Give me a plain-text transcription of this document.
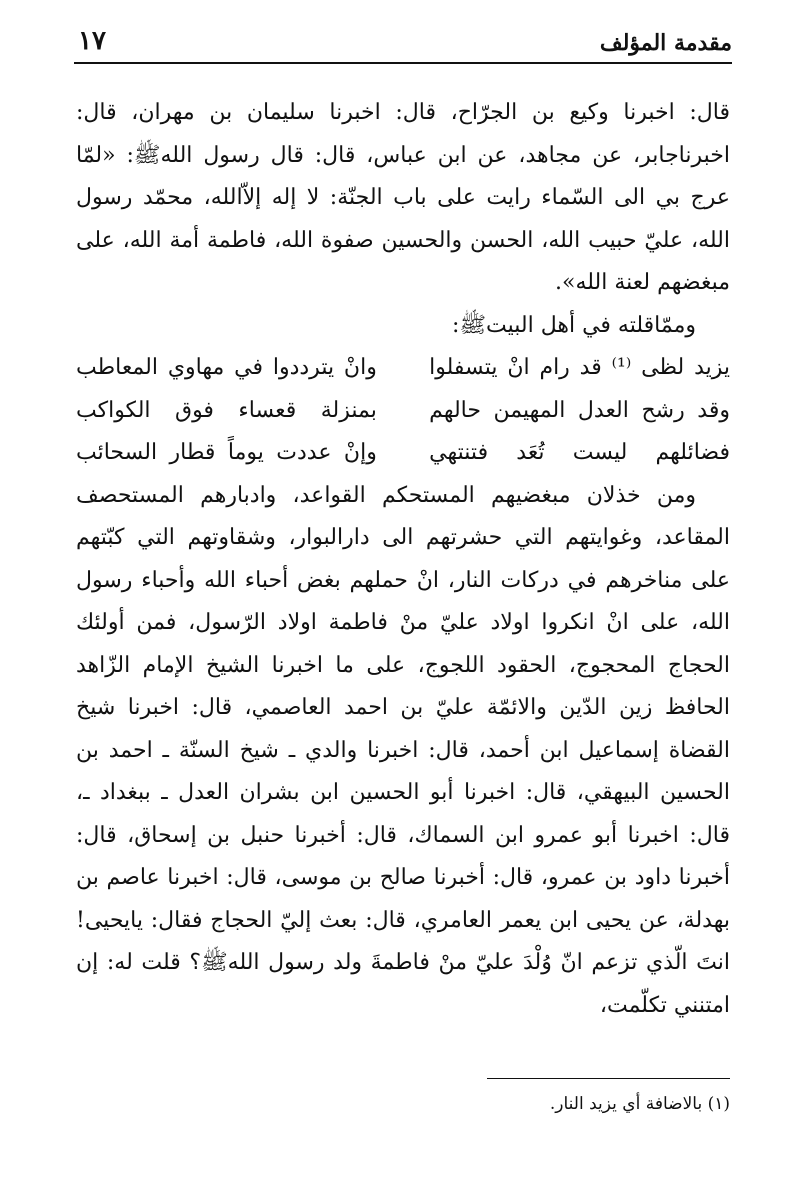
مقدمة المؤلف
١٧

قال: اخبرنا وكيع بن الجرّاح، قال: اخبرنا سليمان بن مهران، قال: اخبرناجابر، عن مجاهد، عن ابن عباس، قال: قال رسول اللهﷺ: «لمّا عرج بي الى السّماء رايت على باب الجنّة: لا إله إلاّالله، محمّد رسول الله، عليّ حبيب الله، الحسن والحسين صفوة الله، فاطمة أمة الله، على مبغضهم لعنة الله».

وممّاقلته في أهل البيتﷺ:

يزيد لظى ⁽¹⁾ قد رام انْ يتسفلوا
وانْ يترددوا في مهاوي المعاطب
وقد رشح العدل المهيمن حالهم
بمنزلة قعساء فوق الكواكب
فضائلهم ليست تُعَد فتنتهي
وإنْ عددت يوماً قطار السحائب

ومن خذلان مبغضيهم المستحكم القواعد، وادبارهم المستحصف المقاعد، وغوايتهم التي حشرتهم الى دارالبوار، وشقاوتهم التي كبّتهم على مناخرهم في دركات النار، انْ حملهم بغض أحباء الله وأحباء رسول الله، على انْ انكروا اولاد عليّ منْ فاطمة اولاد الرّسول، فمن أولئك الحجاج المحجوج، الحقود اللجوج، على ما اخبرنا الشيخ الإمام الزّاهد الحافظ زين الدّين والائمّة عليّ بن احمد العاصمي، قال: اخبرنا شيخ القضاة إسماعيل ابن أحمد، قال: اخبرنا والدي ـ شيخ السنّة ـ احمد بن الحسين البيهقي، قال: اخبرنا أبو الحسين ابن بشران العدل ـ ببغداد ـ، قال: اخبرنا أبو عمرو ابن السماك، قال: أخبرنا حنبل بن إسحاق، قال: أخبرنا داود بن عمرو، قال: أخبرنا صالح بن موسى، قال: اخبرنا عاصم بن بهدلة، عن يحيى ابن يعمر العامري، قال: بعث إليّ الحجاج فقال: يايحيى! انتَ الّذي تزعم انّ وُلْدَ عليّ منْ فاطمةَ ولد رسول اللهﷺ؟ قلت له: إن امتنني تكلّمت،

(١) بالاضافة أي يزيد النار.
